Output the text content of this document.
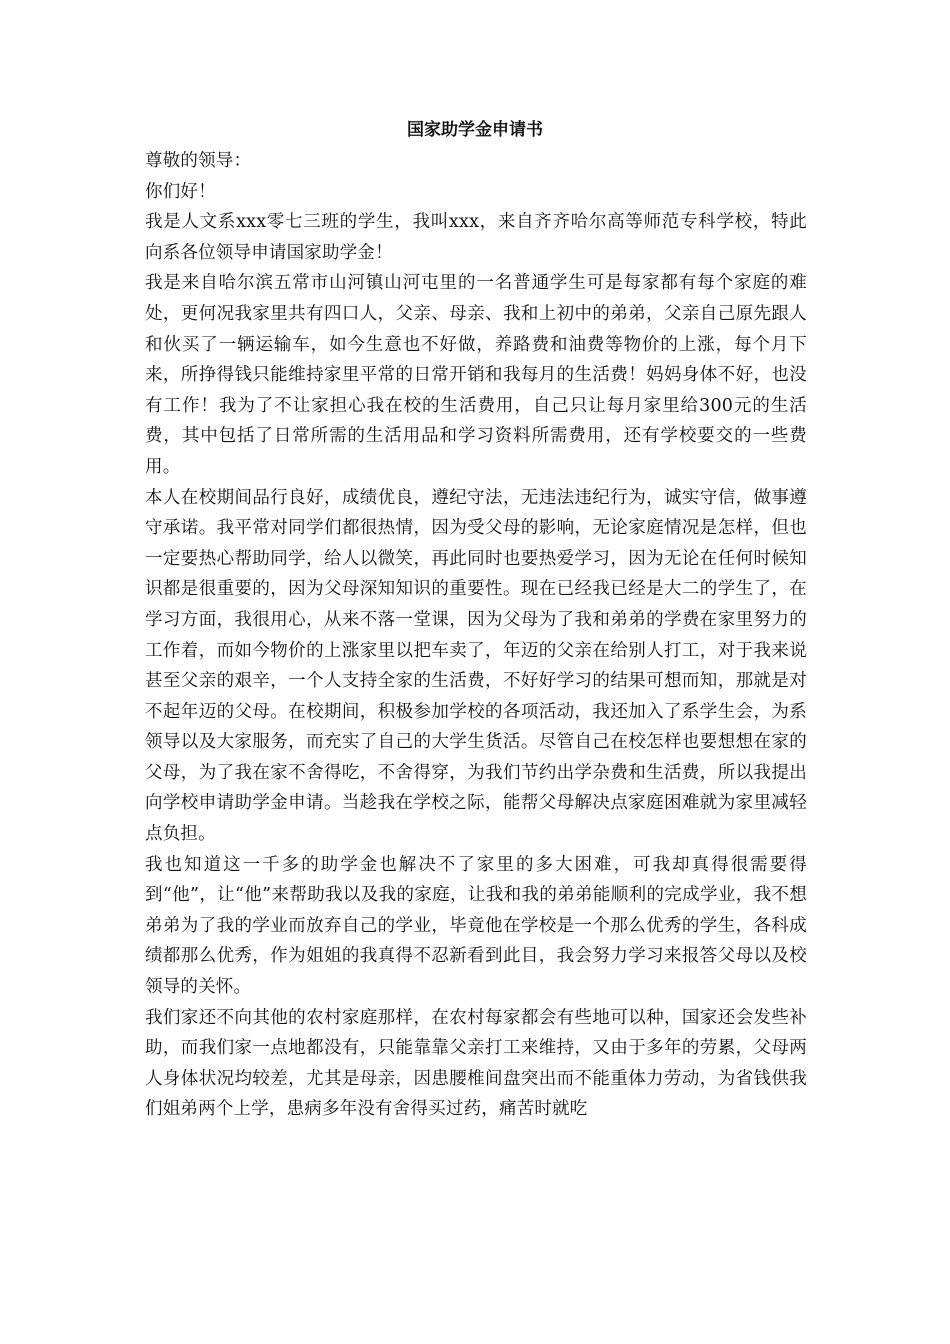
国家助学金申请书

尊敬的领导：

你们好！

我是人文系xxx零七三班的学生，我叫xxx，来自齐齐哈尔高等师范专科学校，特此向系各位领导申请国家助学金！

我是来自哈尔滨五常市山河镇山河屯里的一名普通学生可是每家都有每个家庭的难处，更何况我家里共有四口人，父亲、母亲、我和上初中的弟弟，父亲自己原先跟人和伙买了一辆运输车，如今生意也不好做，养路费和油费等物价的上涨，每个月下来，所挣得钱只能维持家里平常的日常开销和我每月的生活费！妈妈身体不好，也没有工作！我为了不让家担心我在校的生活费用，自己只让每月家里给300元的生活费，其中包括了日常所需的生活用品和学习资料所需费用，还有学校要交的一些费用。

本人在校期间品行良好，成绩优良，遵纪守法，无违法违纪行为，诚实守信，做事遵守承诺。我平常对同学们都很热情，因为受父母的影响，无论家庭情况是怎样，但也一定要热心帮助同学，给人以微笑，再此同时也要热爱学习，因为无论在任何时候知识都是很重要的，因为父母深知知识的重要性。现在已经我已经是大二的学生了，在学习方面，我很用心，从来不落一堂课，因为父母为了我和弟弟的学费在家里努力的工作着，而如今物价的上涨家里以把车卖了，年迈的父亲在给别人打工，对于我来说甚至父亲的艰辛，一个人支持全家的生活费，不好好学习的结果可想而知，那就是对不起年迈的父母。在校期间，积极参加学校的各项活动，我还加入了系学生会，为系领导以及大家服务，而充实了自己的大学生货活。尽管自己在校怎样也要想想在家的父母，为了我在家不舍得吃，不舍得穿，为我们节约出学杂费和生活费，所以我提出向学校申请助学金申请。当趁我在学校之际，能帮父母解决点家庭困难就为家里减轻点负担。

我也知道这一千多的助学金也解决不了家里的多大困难，可我却真得很需要得到“他”，让“他”来帮助我以及我的家庭，让我和我的弟弟能顺利的完成学业，我不想弟弟为了我的学业而放弃自己的学业，毕竟他在学校是一个那么优秀的学生，各科成绩都那么优秀，作为姐姐的我真得不忍新看到此目，我会努力学习来报答父母以及校领导的关怀。

我们家还不向其他的农村家庭那样，在农村每家都会有些地可以种，国家还会发些补助，而我们家一点地都没有，只能靠靠父亲打工来维持，又由于多年的劳累，父母两人身体状况均较差，尤其是母亲，因患腰椎间盘突出而不能重体力劳动，为省钱供我们姐弟两个上学，患病多年没有舍得买过药，痛苦时就吃
